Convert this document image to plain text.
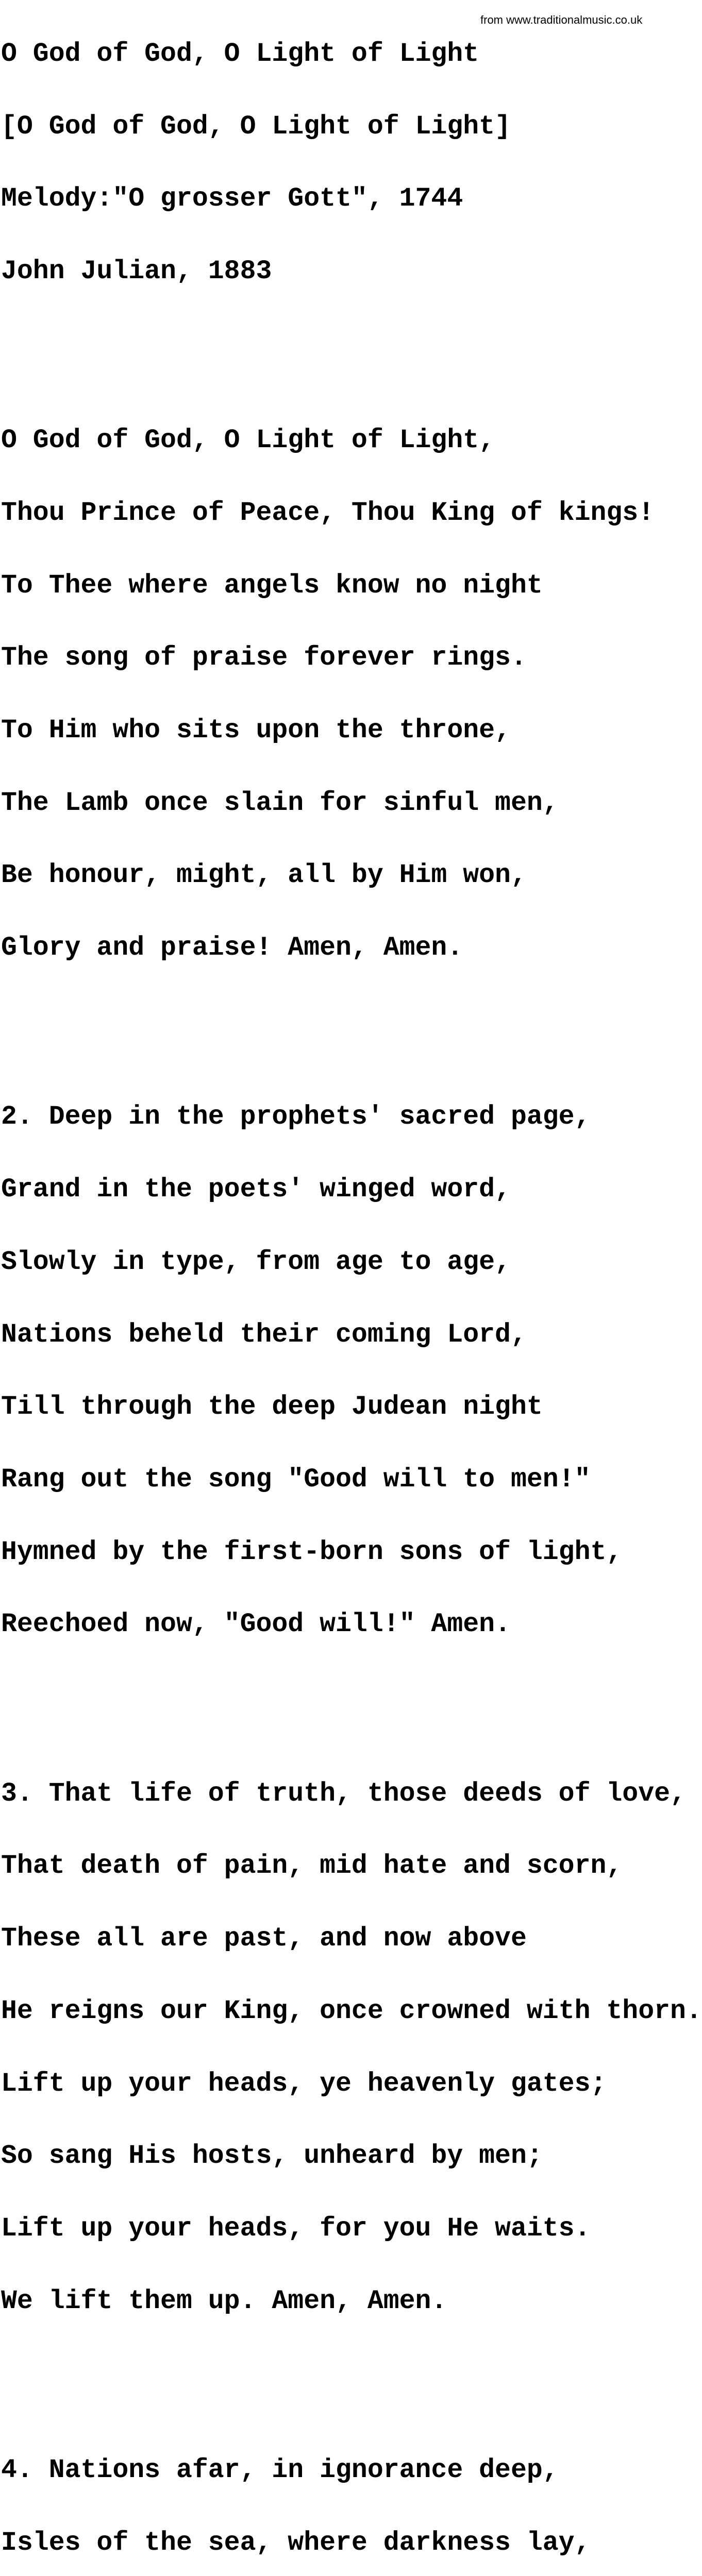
O God of God, O Light of Light

[O God of God, O Light of Light]

Melody:"O grosser Gott", 1744

John Julian, 1883

O God of God, O Light of Light,

Thou Prince of Peace, Thou King of kings!

To Thee where angels know no night

The song of praise forever rings.

To Him who sits upon the throne,

The Lamb once slain for sinful men,

Be honour, might, all by Him won,

Glory and praise! Amen, Amen.

2. Deep in the prophets' sacred page,

Grand in the poets' winged word,

Slowly in type, from age to age,

Nations beheld their coming Lord,

Till through the deep Judean night

Rang out the song "Good will to men!"

Hymned by the first-born sons of light,

Reechoed now, "Good will!" Amen.

3. That life of truth, those deeds of love,

That death of pain, mid hate and scorn,

These all are past, and now above

He reigns our King, once crowned with thorn.

Lift up your heads, ye heavenly gates;

So sang His hosts, unheard by men;

Lift up your heads, for you He waits.

We lift them up. Amen, Amen.

4. Nations afar, in ignorance deep,

Isles of the sea, where darkness lay,

from www.traditionalmusic.co.uk
